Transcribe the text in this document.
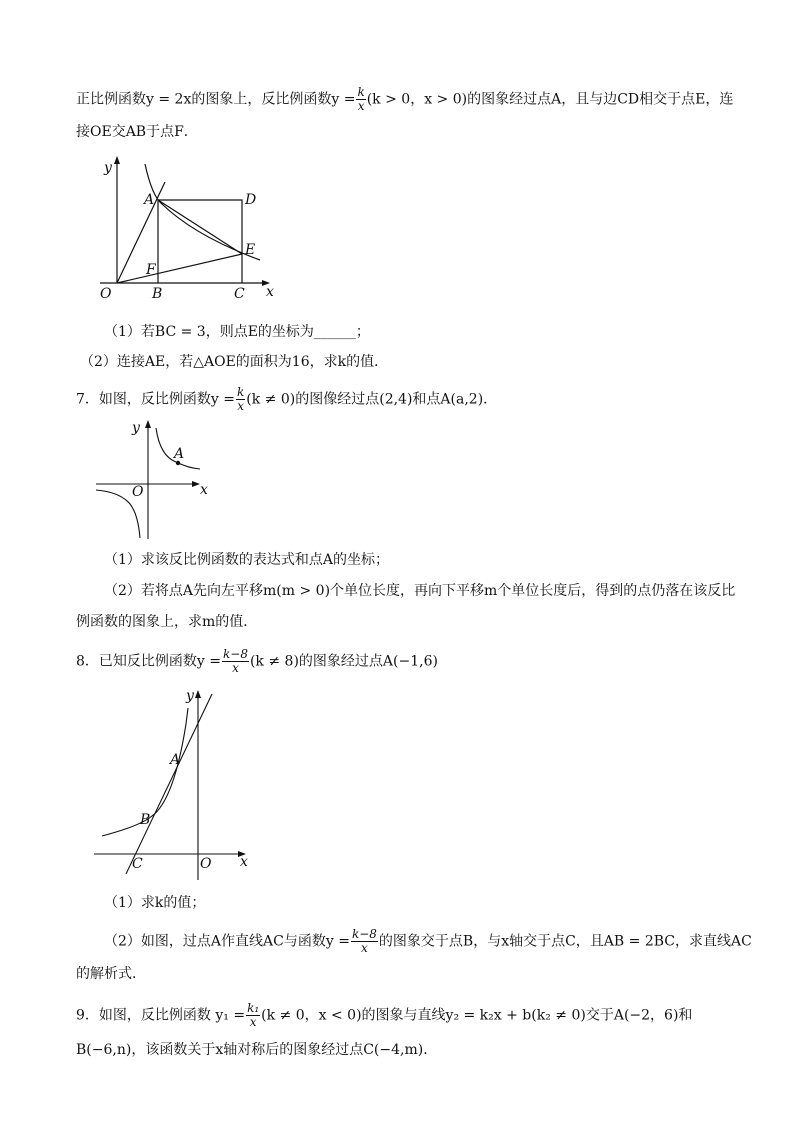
正比例函数y = 2x的图象上，反比例函数$y = \frac{k}{x} (k > 0$，x > 0)的图象经过点A，且与边CD相交于点E，连
接OE交AB于点F．
y
x
O
A
B	C
D
E
F
（1）若BC = 3，则点E的坐标为______；
（2）连接AE，若△AOE的面积为16，求k的值．
7．如图，反比例函数$y = \frac{k}{x} (k \ne 0)$的图像经过点(2,4)和点A(a,2)．
y
x
O
A
（1）求该反比例函数的表达式和点A的坐标；
（2）若将点A先向左平移m(m > 0)个单位长度，再向下平移m个单位长度后，得到的点仍落在该反比
例函数的图象上，求m的值．
8．已知反比例函数$y = \frac{k-8}{x} (k \ne 8)$的图象经过点A(−1,6)
y
x
O
A
B
C
（1）求k的值；
（2）如图，过点A作直线AC与函数$y = \frac{k-8}{x}$ 的图象交于点B，与x轴交于点C，且AB = 2BC，求直线AC
的解析式．
9．如图，反比例函数 $y_1 = \frac{\text{k₁}}{x} (k \ne 0$，x < 0)的图象与直线y₂ = k₂x + b(k₂ ≠ 0)交于A(−2，6)和
B(−6,n)，该函数关于x轴对称后的图象经过点C(−4,m)．
